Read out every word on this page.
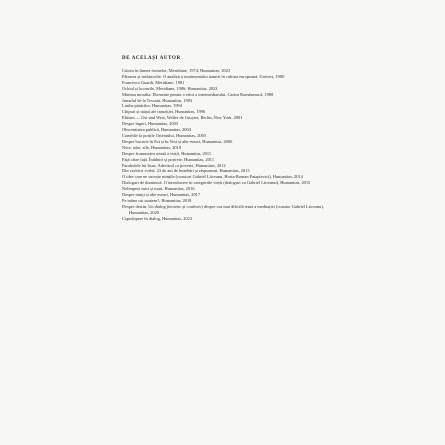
DE ACELAȘI AUTOR

Citirea în lumea formelor, Meridiane, 1974; Humanitas, 2023

Pătrarea și melancolie. O analiză a sentimentului naturii în cultura europeană, Univers, 1980

Francesco Guardi, Meridiane, 1981

Ochiul și lucrurile, Meridiane, 1986; Humanitas, 2023

Minima moralia. Elemente pentru o etică a intermediarului, Cartea Românească, 1988

Jurnalul de la Tescani, Humanitas, 1993

Limba păsărilor, Humanitas, 1994

Chipuri și măști ale tranziției, Humanitas, 1996

Elitism — Ost und West, Walter de Gruyter, Berlin–New York, 2001

Despre îngeri, Humanitas, 2003

Obscenitatea publică, Humanitas, 2004

Comédie la porțile Orientului, Humanitas, 2005

Despre bucurie în Est și în Vest și alte eseuri, Humanitas, 2006

Note, stări, zile, Humanitas, 2010

Despre frumusețea uitată a vieții, Humanitas, 2011

Față către față. Întâlniri și portrete, Humanitas, 2011

Parabolele lui Iisus. Adevărul ca poveste, Humanitas, 2012

Din vorbă-n vorbă. 23 de ani de întrebări și răspunsuri, Humanitas, 2013

O idee care ne sucește mințile (coautori Gabriel Liiceanu, Horia-Roman Patapievici), Humanitas, 2014

Dialoguri de duminică. O introducere în categoriile vieții (dialoguri cu Gabriel Liiceanu), Humanitas, 2015

Nelimpezi mici și mari, Humanitas, 2016

Despre minți și alte eseuri, Humanitas, 2017

Pe mâna cui suntem?, Humanitas, 2018

Despre destin. Un dialog (teoretic și confesiv) despre cea mai dificilă temă a meditației (coautor Gabriel Liiceanu), Humanitas, 2020

Capodopere în dialog, Humanitas, 2023
